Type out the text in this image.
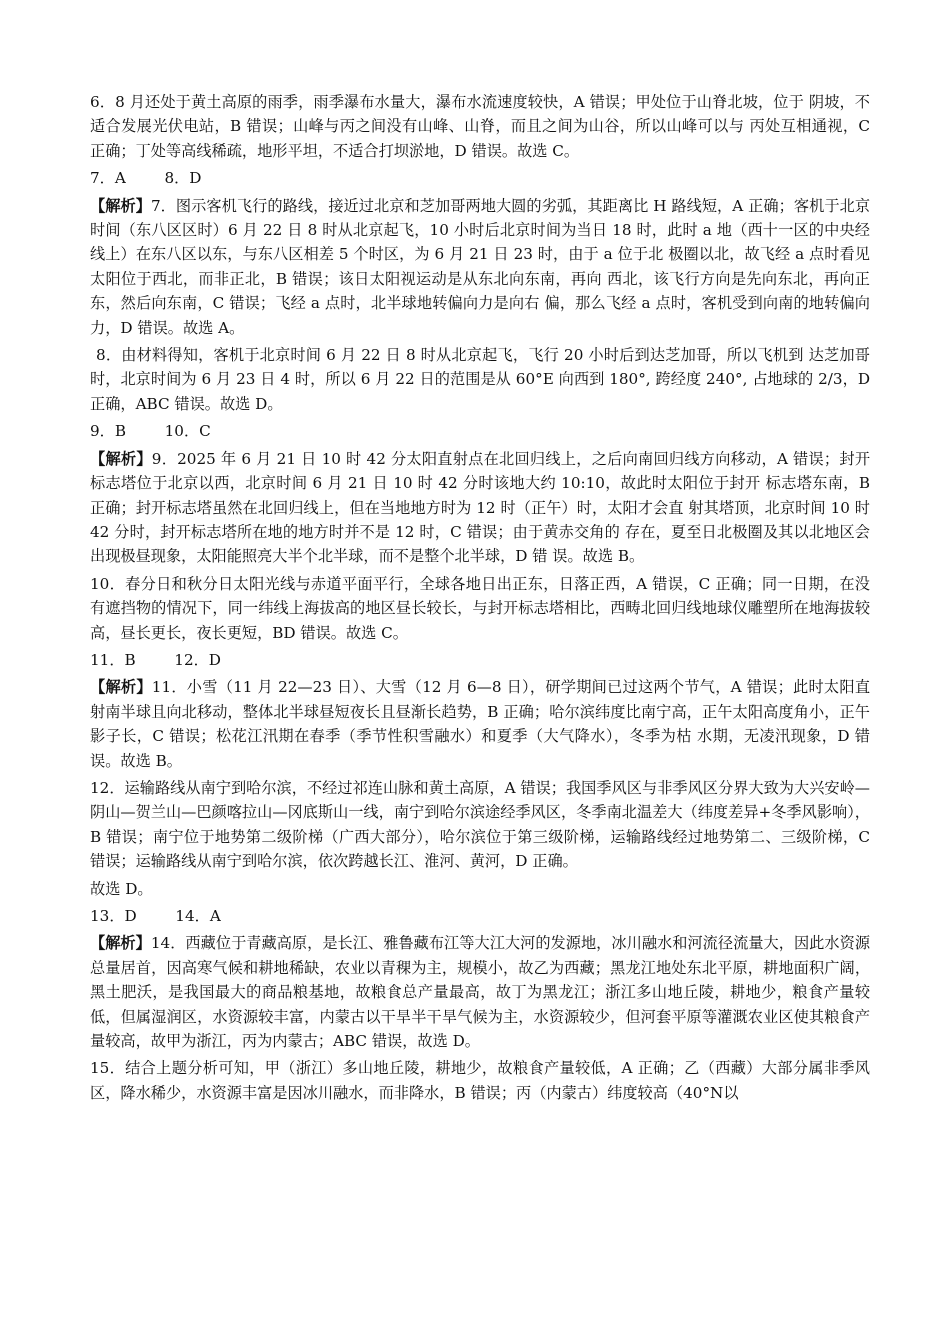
6．8 月还处于黄土高原的雨季，雨季瀑布水量大，瀑布水流速度较快，A 错误；甲处位于山脊北坡，位于 阴坡，不适合发展光伏电站，B 错误；山峰与丙之间没有山峰、山脊，而且之间为山谷，所以山峰可以与 丙处互相通视，C 正确；丁处等高线稀疏，地形平坦，不适合打坝淤地，D 错误。故选 C。

7．A        8．D

【解析】7．图示客机飞行的路线，接近过北京和芝加哥两地大圆的劣弧，其距离比 H 路线短，A 正确；客机于北京时间（东八区区时）6 月 22 日 8 时从北京起飞，10 小时后北京时间为当日 18 时，此时 a 地（西十一区的中央经线上）在东八区以东，与东八区相差 5 个时区，为 6 月 21 日 23 时，由于 a 位于北 极圈以北，故飞经 a 点时看见太阳位于西北，而非正北，B 错误；该日太阳视运动是从东北向东南，再向 西北，该飞行方向是先向东北，再向正东，然后向东南，C 错误；飞经 a 点时，北半球地转偏向力是向右 偏，那么飞经 a 点时，客机受到向南的地转偏向力，D 错误。故选 A。

8．由材料得知，客机于北京时间 6 月 22 日 8 时从北京起飞，飞行 20 小时后到达芝加哥，所以飞机到 达芝加哥时，北京时间为 6 月 23 日 4 时，所以 6 月 22 日的范围是从 60°E 向西到 180°, 跨经度 240°, 占地球的 2/3，D 正确，ABC 错误。故选 D。

9．B        10．C

【解析】9．2025 年 6 月 21 日 10 时 42 分太阳直射点在北回归线上，之后向南回归线方向移动，A 错误；封开标志塔位于北京以西，北京时间 6 月 21 日 10 时 42 分时该地大约 10:10，故此时太阳位于封开 标志塔东南，B 正确；封开标志塔虽然在北回归线上，但在当地地方时为 12 时（正午）时，太阳才会直 射其塔顶，北京时间 10 时 42 分时，封开标志塔所在地的地方时并不是 12 时，C 错误；由于黄赤交角的 存在，夏至日北极圈及其以北地区会出现极昼现象，太阳能照亮大半个北半球，而不是整个北半球，D 错 误。故选 B。

10．春分日和秋分日太阳光线与赤道平面平行，全球各地日出正东，日落正西，A 错误，C 正确；同一日期，在没有遮挡物的情况下，同一纬线上海拔高的地区昼长较长，与封开标志塔相比，西畴北回归线地球仪雕塑所在地海拔较高，昼长更长，夜长更短，BD 错误。故选 C。

11．B        12．D

【解析】11．小雪（11 月 22—23 日）、大雪（12 月 6—8 日），研学期间已过这两个节气，A 错误；此时太阳直射南半球且向北移动，整体北半球昼短夜长且昼渐长趋势，B 正确；哈尔滨纬度比南宁高，正午太阳高度角小，正午影子长，C 错误；松花江汛期在春季（季节性积雪融水）和夏季（大气降水），冬季为枯 水期，无凌汛现象，D 错误。故选 B。

12．运输路线从南宁到哈尔滨，不经过祁连山脉和黄土高原，A 错误；我国季风区与非季风区分界大致为大兴安岭—阴山—贺兰山—巴颜喀拉山—冈底斯山一线，南宁到哈尔滨途经季风区，冬季南北温差大（纬度差异+冬季风影响），B 错误；南宁位于地势第二级阶梯（广西大部分），哈尔滨位于第三级阶梯，运输路线经过地势第二、三级阶梯，C 错误；运输路线从南宁到哈尔滨，依次跨越长江、淮河、黄河，D 正确。

故选 D。

13．D        14．A

【解析】14．西藏位于青藏高原，是长江、雅鲁藏布江等大江大河的发源地，冰川融水和河流径流量大，因此水资源总量居首，因高寒气候和耕地稀缺，农业以青稞为主，规模小，故乙为西藏；黑龙江地处东北平原，耕地面积广阔，黑土肥沃，是我国最大的商品粮基地，故粮食总产量最高，故丁为黑龙江；浙江多山地丘陵，耕地少，粮食产量较低，但属湿润区，水资源较丰富，内蒙古以干旱半干旱气候为主，水资源较少，但河套平原等灌溉农业区使其粮食产量较高，故甲为浙江，丙为内蒙古；ABC 错误，故选 D。

15．结合上题分析可知，甲（浙江）多山地丘陵，耕地少，故粮食产量较低，A 正确；乙（西藏）大部分属非季风区，降水稀少，水资源丰富是因冰川融水，而非降水，B 错误；丙（内蒙古）纬度较高（40°N以
